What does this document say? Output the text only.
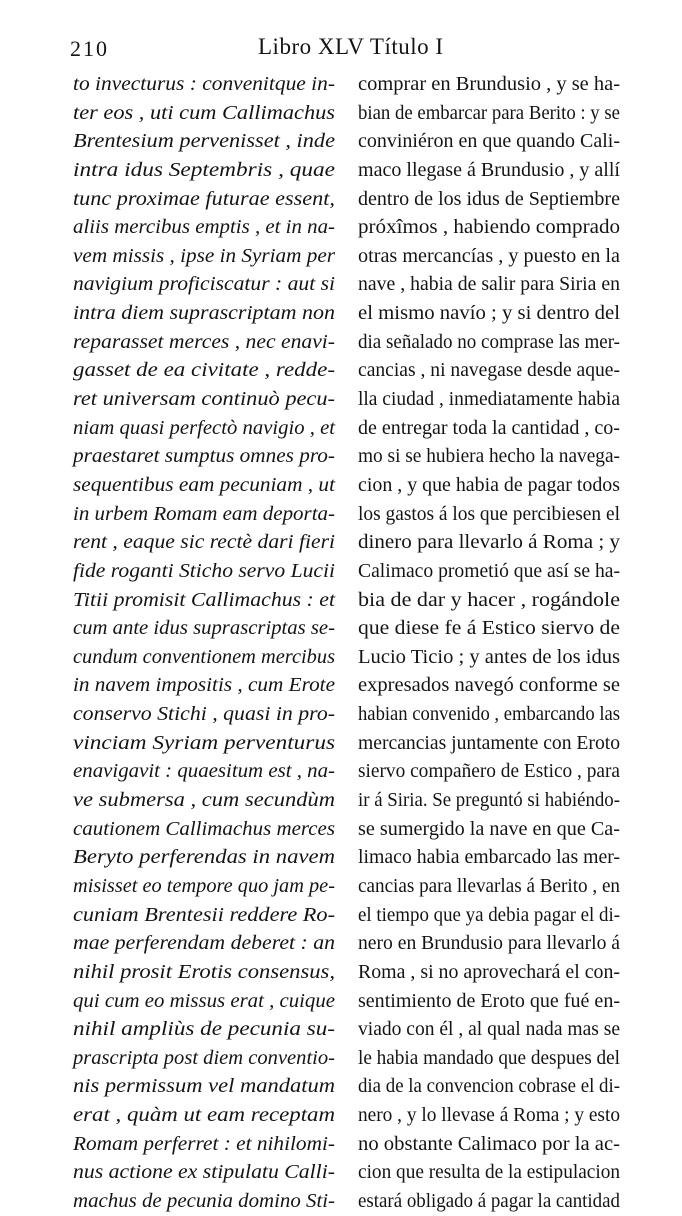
210	Libro XLV Título I
to invecturus : convenitque in-
ter eos , uti cum Callimachus
Brentesium pervenisset , inde
intra idus Septembris , quae
tunc proximae futurae essent,
aliis mercibus emptis , et in na-
vem missis , ipse in Syriam per
navigium proficiscatur : aut si
intra diem suprascriptam non
reparasset merces , nec enavi-
gasset de ea civitate , redde-
ret universam continuò pecu-
niam quasi perfectò navigio , et
praestaret sumptus omnes pro-
sequentibus eam pecuniam , ut
in urbem Romam eam deporta-
rent , eaque sic rectè dari fieri
fide roganti Sticho servo Lucii
Titii promisit Callimachus : et
cum ante idus suprascriptas se-
cundum conventionem mercibus
in navem impositis , cum Erote
conservo Stichi , quasi in pro-
vinciam Syriam perventurus
enavigavit : quaesitum est , na-
ve submersa , cum secundùm
cautionem Callimachus merces
Beryto perferendas in navem
misisset eo tempore quo jam pe-
cuniam Brentesii reddere Ro-
mae perferendam deberet : an
nihil prosit Erotis consensus,
qui cum eo missus erat , cuique
nihil ampliùs de pecunia su-
prascripta post diem conventio-
nis permissum vel mandatum
erat , quàm ut eam receptam
Romam perferret : et nihilomi-
nus actione ex stipulatu Calli-
machus de pecunia domino Sti-
comprar en Brundusio , y se ha-
bian de embarcar para Berito : y se
conviniéron en que quando Cali-
maco llegase á Brundusio , y allí
dentro de los idus de Septiembre
próxîmos , habiendo comprado
otras mercancías , y puesto en la
nave , habia de salir para Siria en
el mismo navío ; y si dentro del
dia señalado no comprase las mer-
cancias , ni navegase desde aque-
lla ciudad , inmediatamente habia
de entregar toda la cantidad , co-
mo si se hubiera hecho la navega-
cion , y que habia de pagar todos
los gastos á los que percibiesen el
dinero para llevarlo á Roma ; y
Calimaco prometió que así se ha-
bia de dar y hacer , rogándole
que diese fe á Estico siervo de
Lucio Ticio ; y antes de los idus
expresados navegó conforme se
habian convenido , embarcando las
mercancias juntamente con Eroto
siervo compañero de Estico , para
ir á Siria. Se preguntó si habiéndo-
se sumergido la nave en que Ca-
limaco habia embarcado las mer-
cancias para llevarlas á Berito , en
el tiempo que ya debia pagar el di-
nero en Brundusio para llevarlo á
Roma , si no aprovechará el con-
sentimiento de Eroto que fué en-
viado con él , al qual nada mas se
le habia mandado que despues del
dia de la convencion cobrase el di-
nero , y lo llevase á Roma ; y esto
no obstante Calimaco por la ac-
cion que resulta de la estipulacion
estará obligado á pagar la cantidad
